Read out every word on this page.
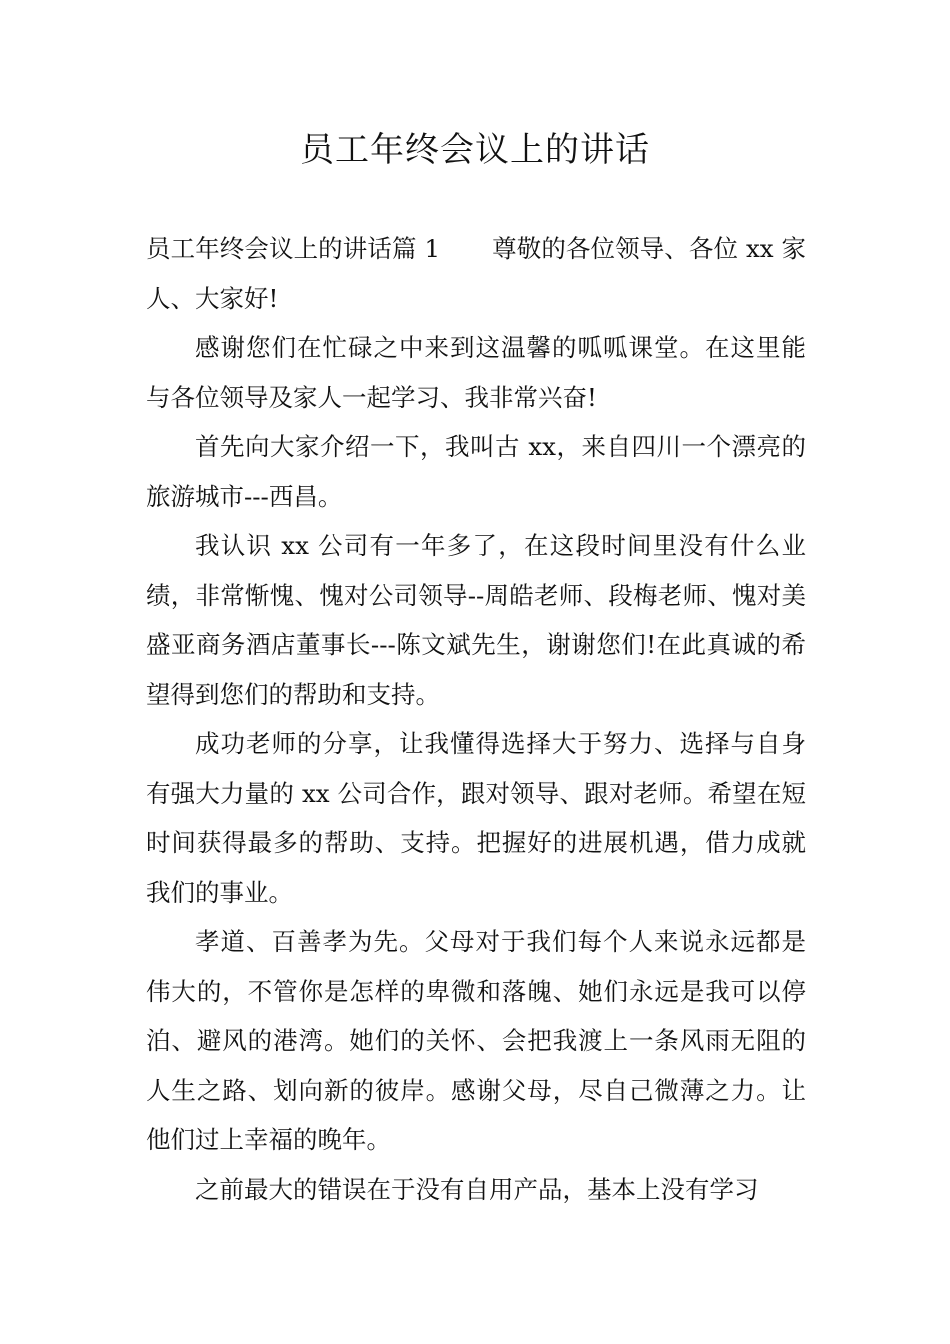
员工年终会议上的讲话

员工年终会议上的讲话篇 1 尊敬的各位领导、各位 xx 家人、大家好!

感谢您们在忙碌之中来到这温馨的呱呱课堂。在这里能与各位领导及家人一起学习、我非常兴奋!

首先向大家介绍一下，我叫古 xx，来自四川一个漂亮的旅游城市---西昌。

我认识 xx 公司有一年多了，在这段时间里没有什么业绩，非常惭愧、愧对公司领导--周皓老师、段梅老师、愧对美盛亚商务酒店董事长---陈文斌先生，谢谢您们!在此真诚的希望得到您们的帮助和支持。

成功老师的分享，让我懂得选择大于努力、选择与自身有强大力量的 xx 公司合作，跟对领导、跟对老师。希望在短时间获得最多的帮助、支持。把握好的进展机遇，借力成就我们的事业。

孝道、百善孝为先。父母对于我们每个人来说永远都是伟大的，不管你是怎样的卑微和落魄、她们永远是我可以停泊、避风的港湾。她们的关怀、会把我渡上一条风雨无阻的人生之路、划向新的彼岸。感谢父母，尽自己微薄之力。让他们过上幸福的晚年。

之前最大的错误在于没有自用产品，基本上没有学习
